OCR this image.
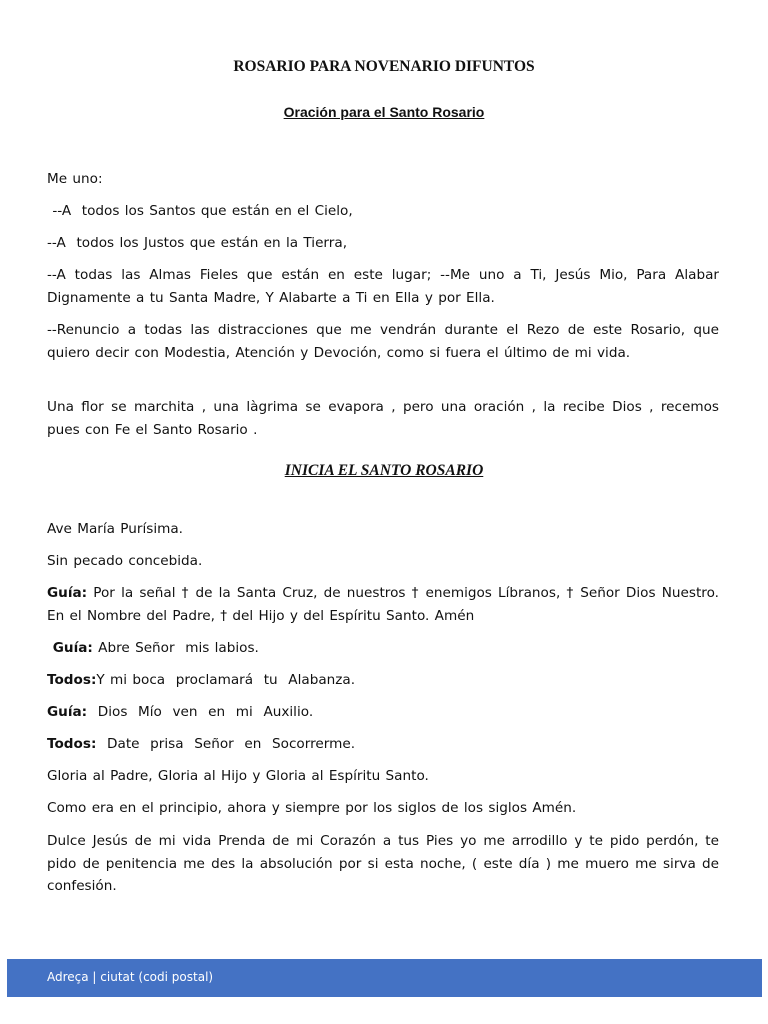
ROSARIO PARA NOVENARIO DIFUNTOS
Oración para el Santo Rosario
Me uno:
--A  todos los Santos que están en el Cielo,
--A  todos los Justos que están en la Tierra,
--A todas las Almas Fieles que están en este lugar; --Me uno a Ti, Jesús Mio, Para Alabar Dignamente a tu Santa Madre, Y Alabarte a Ti en Ella y por Ella.
--Renuncio a todas las distracciones que me vendrán durante el Rezo de este Rosario, que quiero decir con Modestia, Atención y Devoción, como si fuera el último de mi vida.
Una flor se marchita , una làgrima se evapora , pero una oración , la recibe Dios , recemos pues con Fe el Santo Rosario .
INICIA EL SANTO ROSARIO
Ave María Purísima.
Sin pecado concebida.
Guía: Por la señal † de la Santa Cruz, de nuestros † enemigos Líbranos, † Señor Dios Nuestro. En el Nombre del Padre, † del Hijo y del Espíritu Santo. Amén
Guía: Abre Señor  mis labios.
Todos:Y mi boca  proclamará  tu  Alabanza.
Guía:  Dios  Mío  ven  en  mi  Auxilio.
Todos:  Date  prisa  Señor  en  Socorrerme.
Gloria al Padre, Gloria al Hijo y Gloria al Espíritu Santo.
Como era en el principio, ahora y siempre por los siglos de los siglos Amén.
Dulce Jesús de mi vida Prenda de mi Corazón a tus Pies yo me arrodillo y te pido perdón, te pido de penitencia me des la absolución por si esta noche, ( este día ) me muero me sirva de confesión.
Adreça | ciutat (codi postal)
